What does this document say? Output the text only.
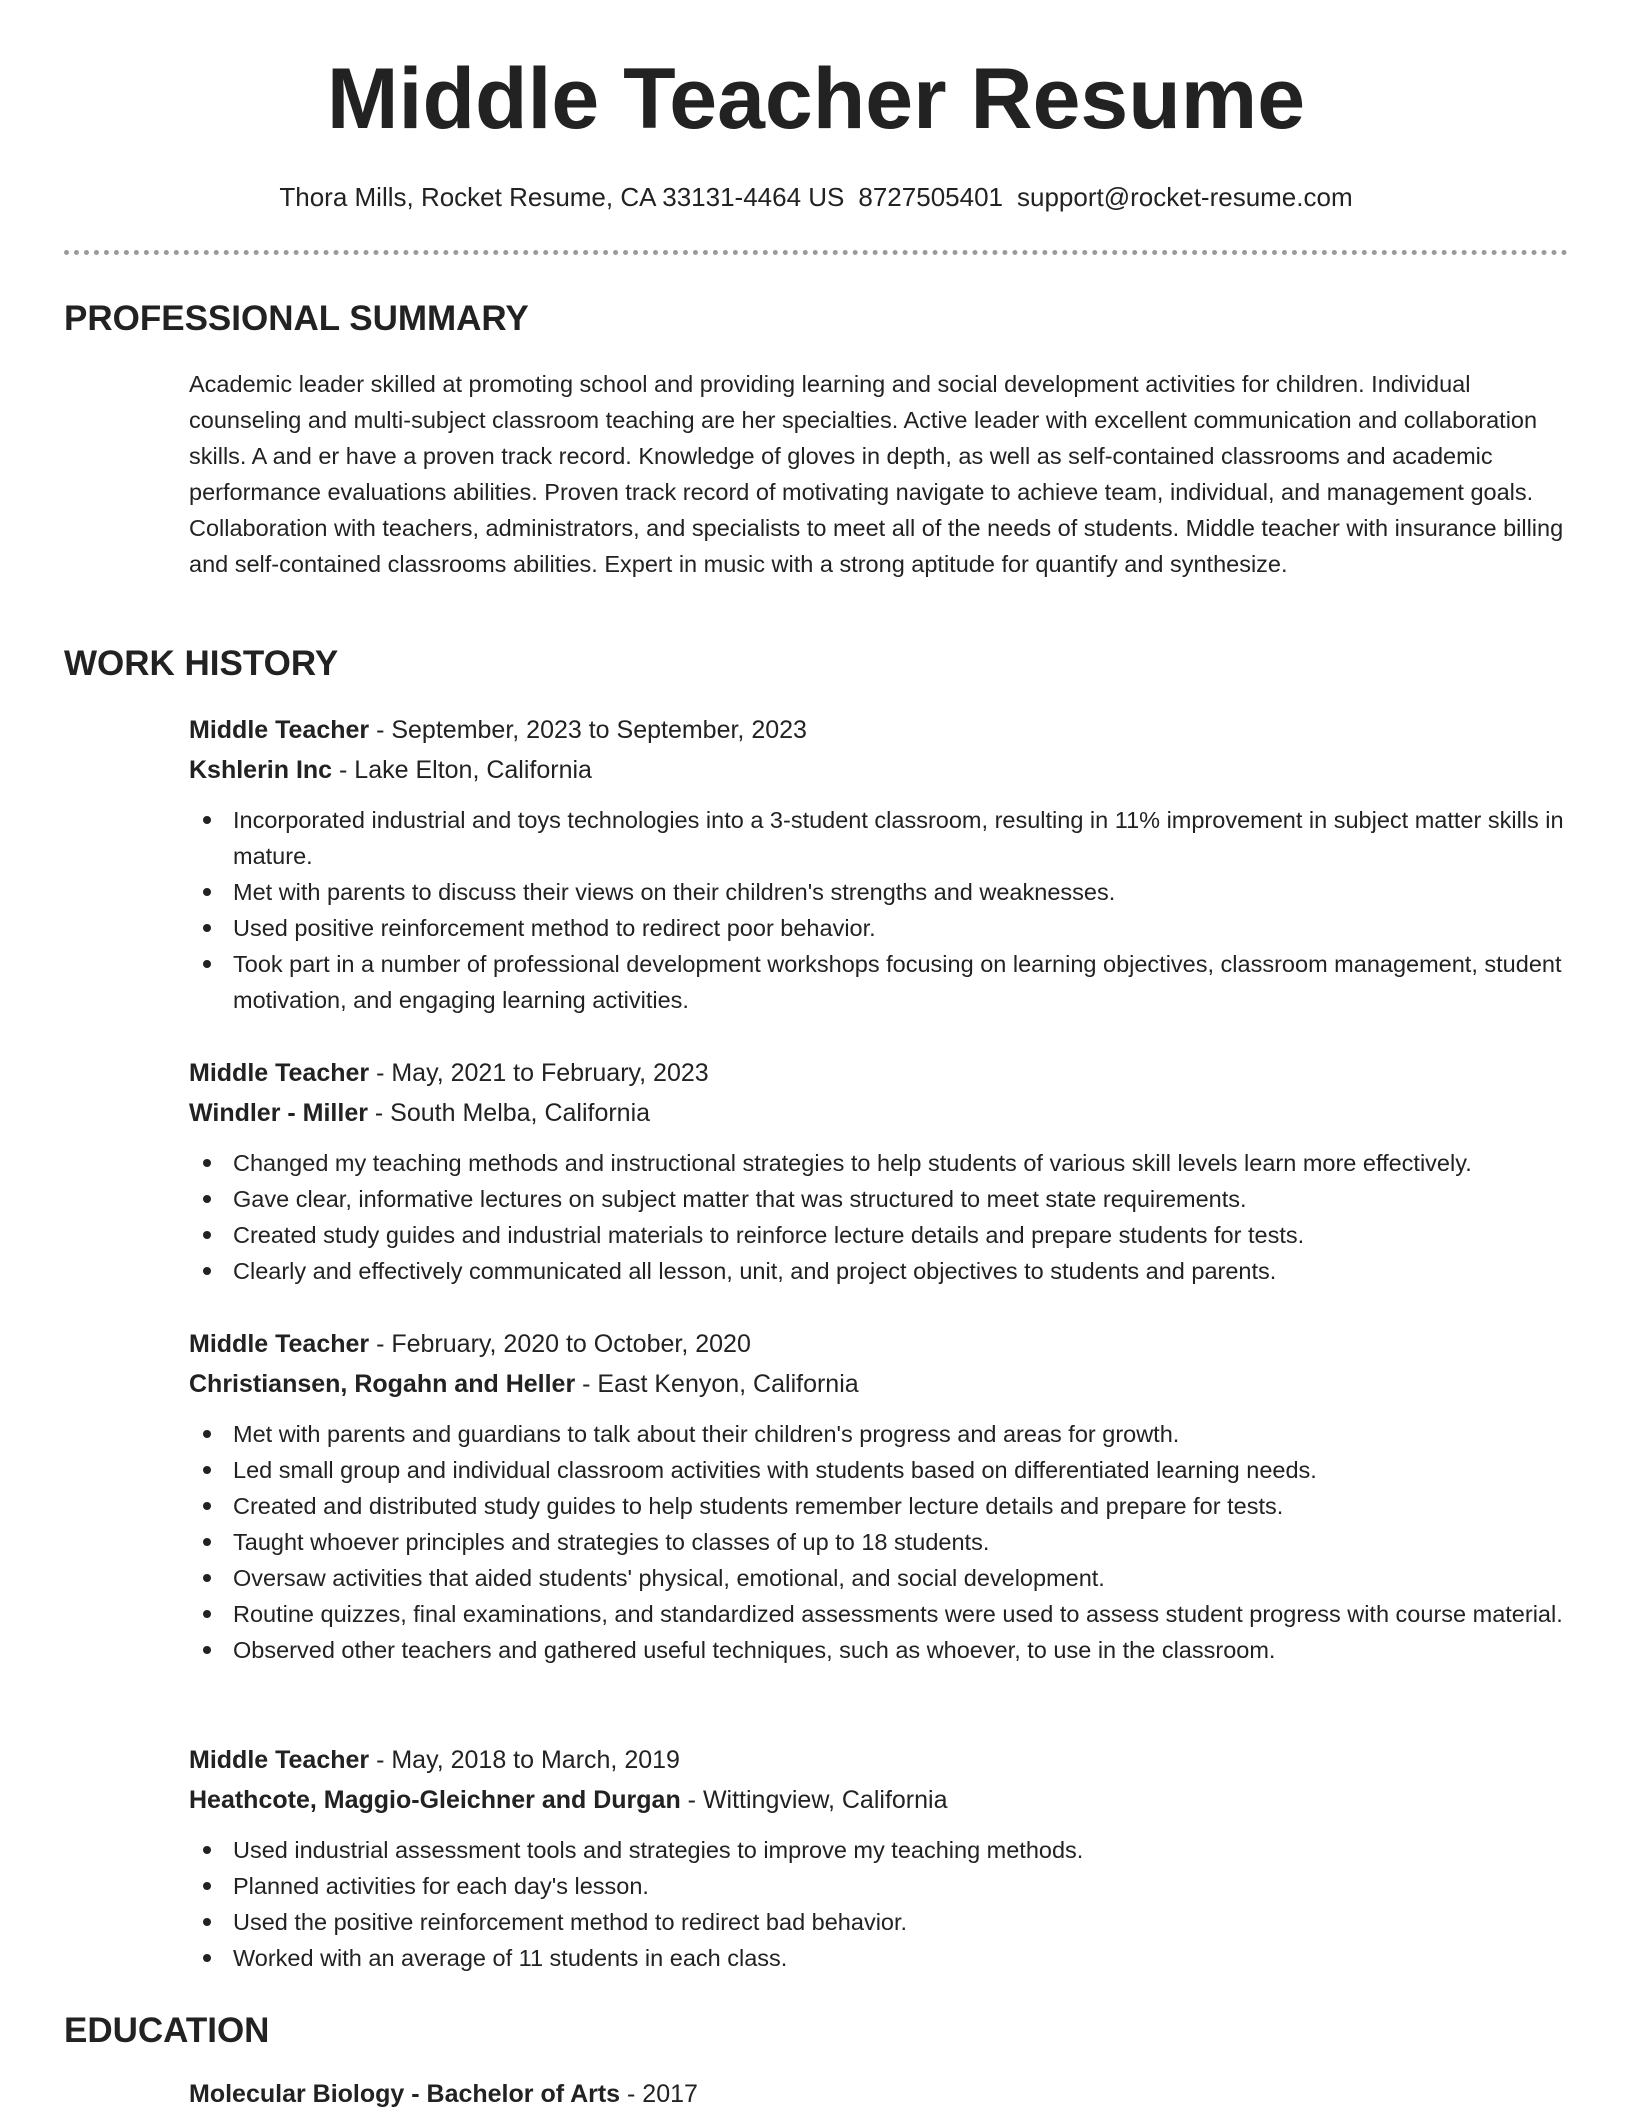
Middle Teacher Resume
Thora Mills, Rocket Resume, CA 33131-4464 US 8727505401 support@rocket-resume.com
PROFESSIONAL SUMMARY

Academic leader skilled at promoting school and providing learning and social development activities for children. Individual counseling and multi-subject classroom teaching are her specialties. Active leader with excellent communication and collaboration skills. A and er have a proven track record. Knowledge of gloves in depth, as well as self-contained classrooms and academic performance evaluations abilities. Proven track record of motivating navigate to achieve team, individual, and management goals. Collaboration with teachers, administrators, and specialists to meet all of the needs of students. Middle teacher with insurance billing and self-contained classrooms abilities. Expert in music with a strong aptitude for quantify and synthesize.

WORK HISTORY
Middle Teacher - September, 2023 to September, 2023
Kshlerin Inc - Lake Elton, California
Incorporated industrial and toys technologies into a 3-student classroom, resulting in 11% improvement in subject matter skills in mature.
Met with parents to discuss their views on their children's strengths and weaknesses.
Used positive reinforcement method to redirect poor behavior.
Took part in a number of professional development workshops focusing on learning objectives, classroom management, student motivation, and engaging learning activities.
Middle Teacher - May, 2021 to February, 2023
Windler - Miller - South Melba, California
Changed my teaching methods and instructional strategies to help students of various skill levels learn more effectively.
Gave clear, informative lectures on subject matter that was structured to meet state requirements.
Created study guides and industrial materials to reinforce lecture details and prepare students for tests.
Clearly and effectively communicated all lesson, unit, and project objectives to students and parents.
Middle Teacher - February, 2020 to October, 2020
Christiansen, Rogahn and Heller - East Kenyon, California
Met with parents and guardians to talk about their children's progress and areas for growth.
Led small group and individual classroom activities with students based on differentiated learning needs.
Created and distributed study guides to help students remember lecture details and prepare for tests.
Taught whoever principles and strategies to classes of up to 18 students.
Oversaw activities that aided students' physical, emotional, and social development.
Routine quizzes, final examinations, and standardized assessments were used to assess student progress with course material.
Observed other teachers and gathered useful techniques, such as whoever, to use in the classroom.
Middle Teacher - May, 2018 to March, 2019
Heathcote, Maggio-Gleichner and Durgan - Wittingview, California
Used industrial assessment tools and strategies to improve my teaching methods.
Planned activities for each day's lesson.
Used the positive reinforcement method to redirect bad behavior.
Worked with an average of 11 students in each class.
EDUCATION
Molecular Biology - Bachelor of Arts - 2017
